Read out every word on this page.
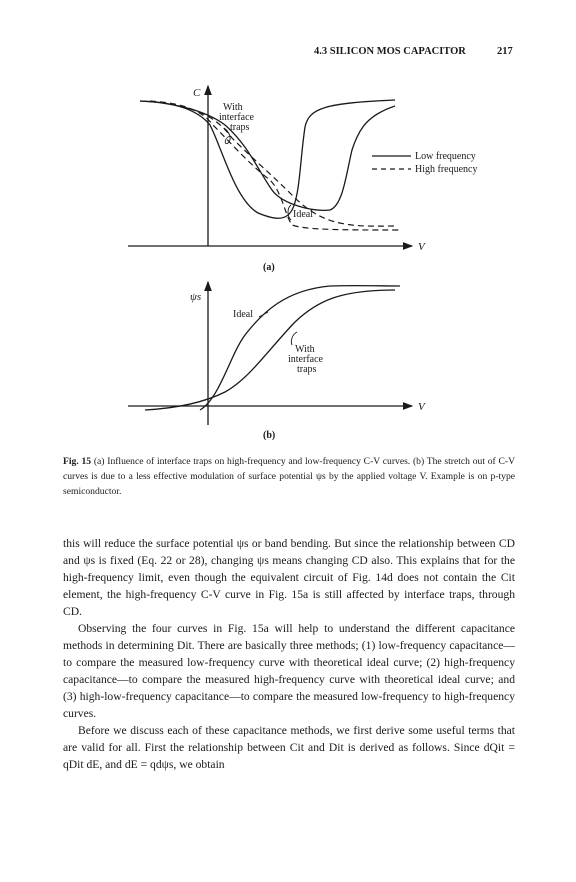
4.3 SILICON MOS CAPACITOR	217
C
V
With
interface
traps
Ideal
Low frequency
High frequency
(a)
ψs
V
Ideal
With
interface
traps
(b)
Fig. 15 (a) Influence of interface traps on high-frequency and low-frequency C-V curves. (b) The stretch out of C-V curves is due to a less effective modulation of surface potential ψs by the applied voltage V. Example is on p-type semiconductor.

this will reduce the surface potential ψs or band bending. But since the relationship between CD and ψs is fixed (Eq. 22 or 28), changing ψs means changing CD also. This explains that for the high-frequency limit, even though the equivalent circuit of Fig. 14d does not contain the Cit element, the high-frequency C-V curve in Fig. 15a is still affected by interface traps, through CD.

Observing the four curves in Fig. 15a will help to understand the different capacitance methods in determining Dit. There are basically three methods; (1) low-frequency capacitance—to compare the measured low-frequency curve with theoretical ideal curve; (2) high-frequency capacitance—to compare the measured high-frequency curve with theoretical ideal curve; and (3) high-low-frequency capacitance—to compare the measured low-frequency to high-frequency curves.

Before we discuss each of these capacitance methods, we first derive some useful terms that are valid for all. First the relationship between Cit and Dit is derived as follows. Since dQit = qDit dE, and dE = qdψs, we obtain
